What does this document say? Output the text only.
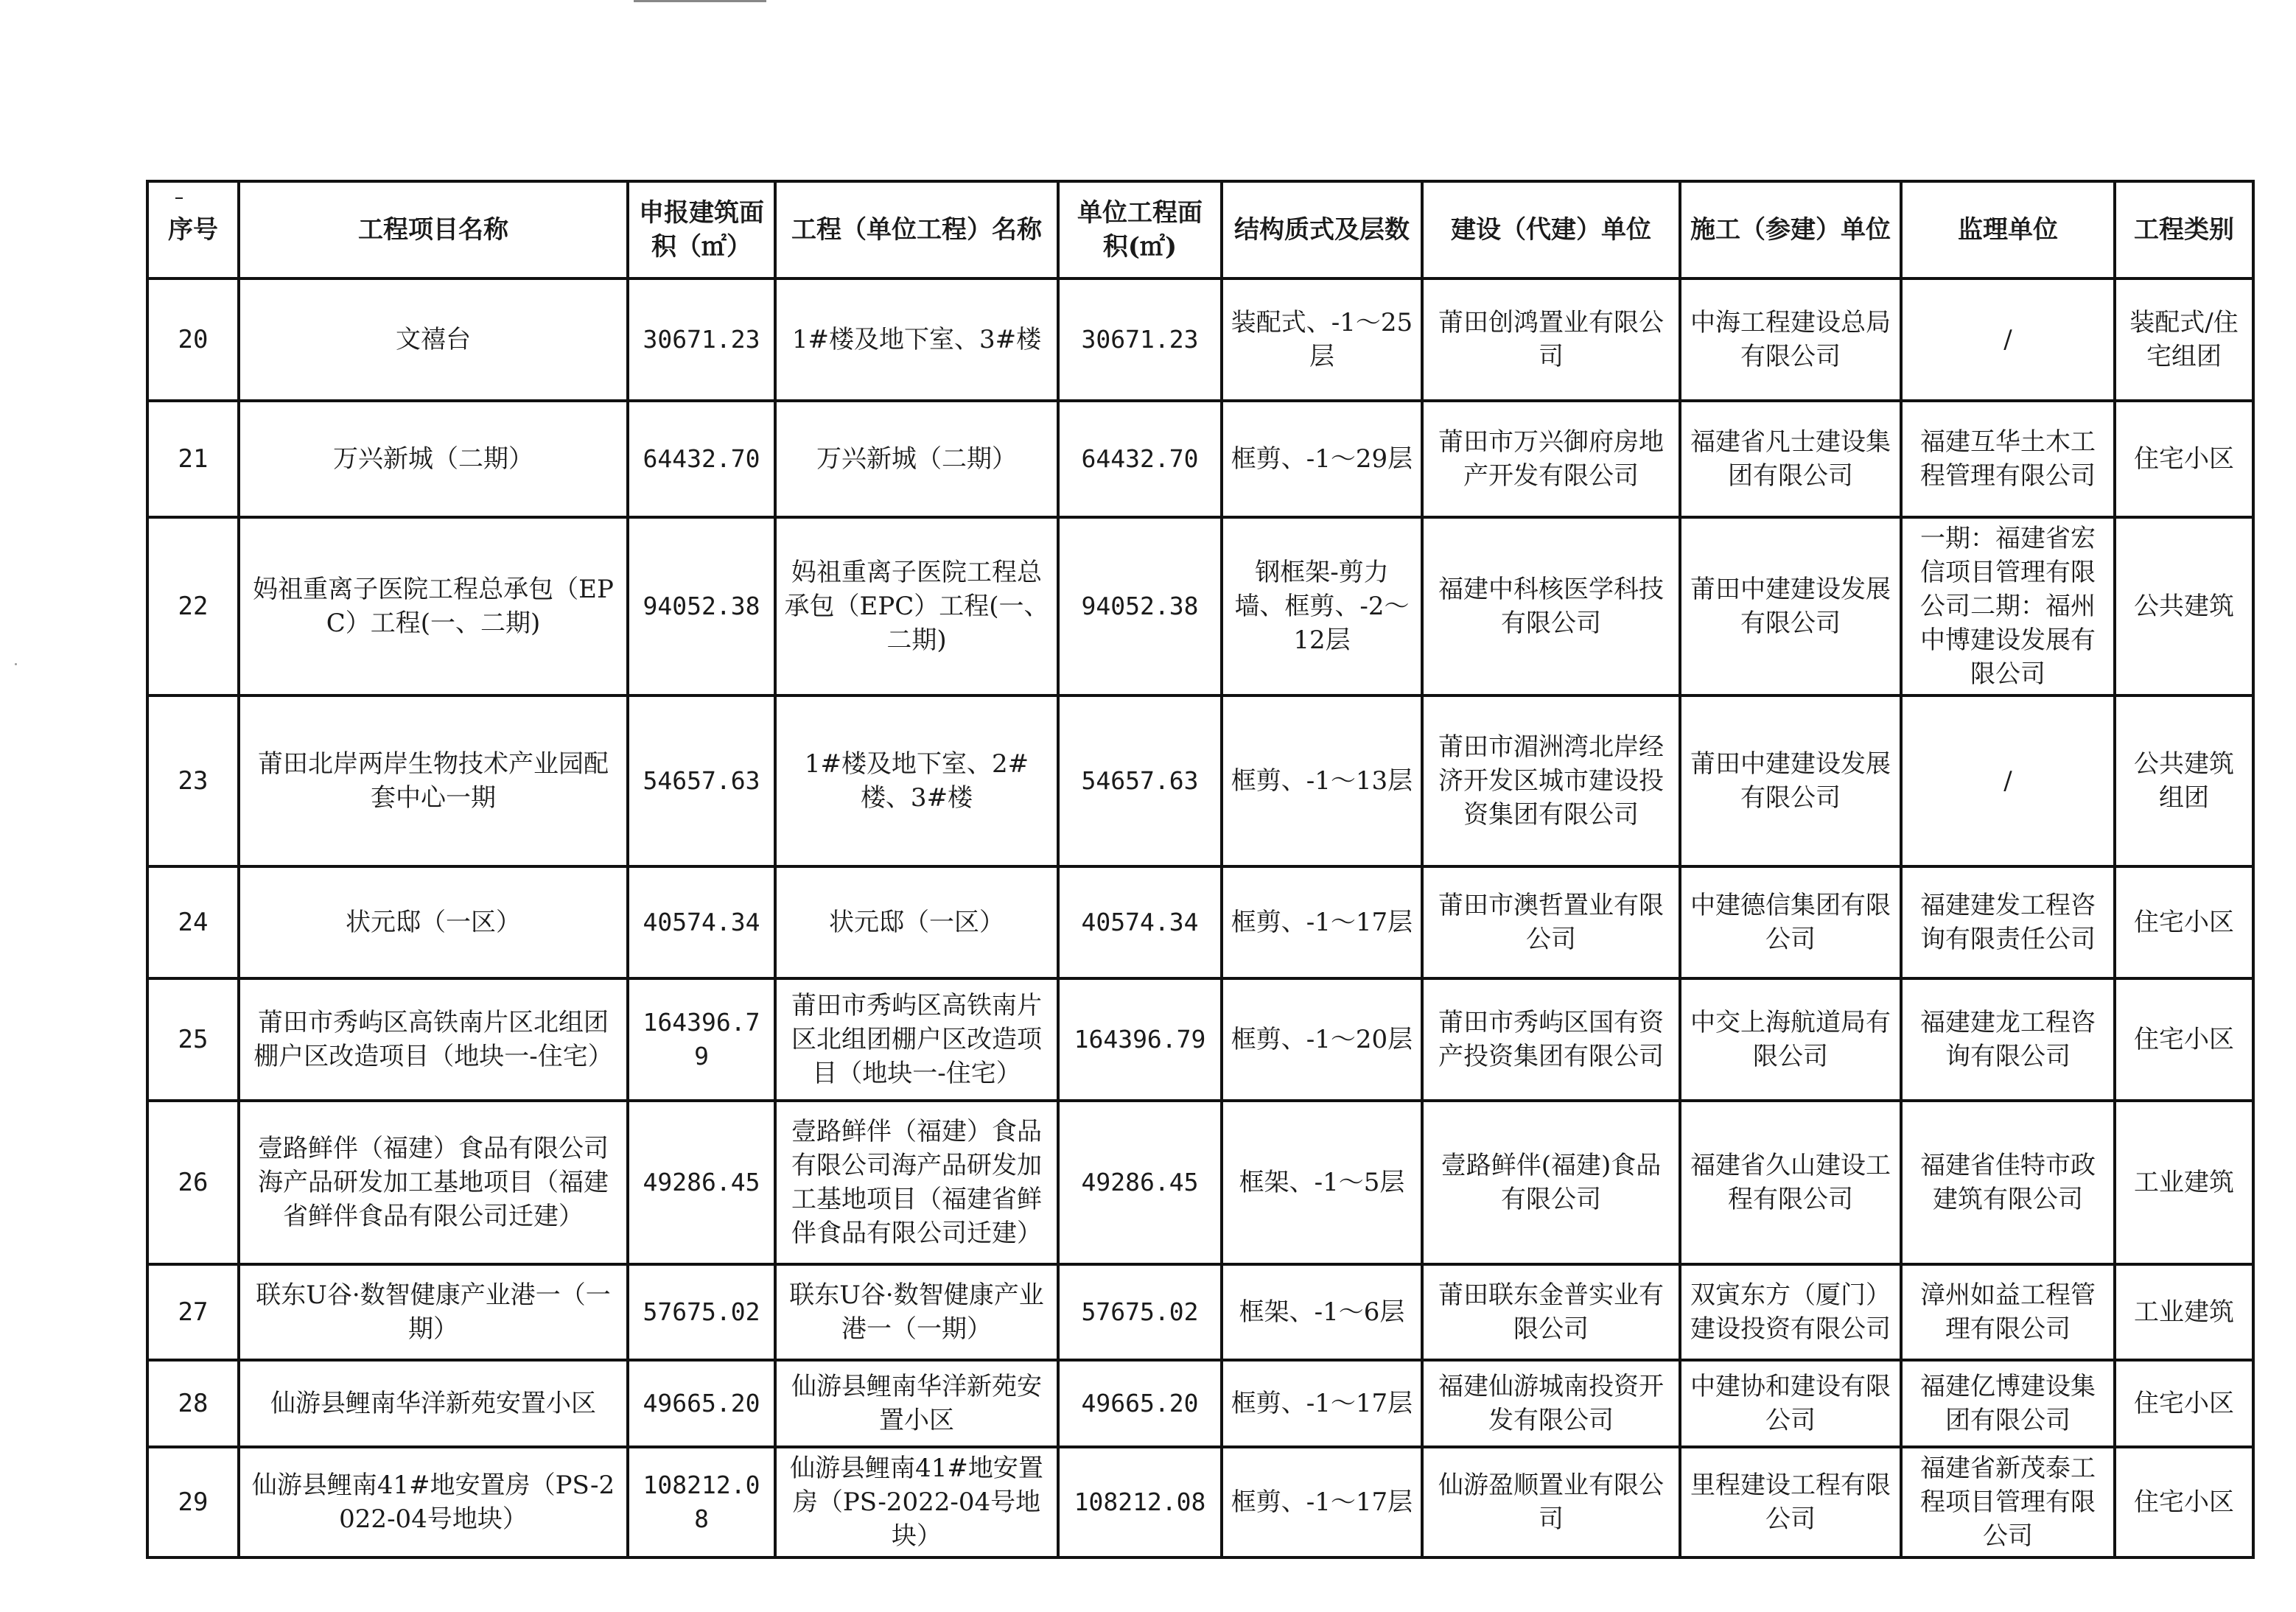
序号	工程项目名称	申报建筑面积（㎡）	工程（单位工程）名称	单位工程面积(㎡)	结构质式及层数	建设（代建）单位	施工（参建）单位	监理单位	工程类别
20	文禧台	30671.23	1#楼及地下室、3#楼	30671.23	装配式、-1～25层	莆田创鸿置业有限公司	中海工程建设总局有限公司	/	装配式/住宅组团
21	万兴新城（二期）	64432.70	万兴新城（二期）	64432.70	框剪、-1～29层	莆田市万兴御府房地产开发有限公司	福建省凡士建设集团有限公司	福建互华土木工程管理有限公司	住宅小区
22	妈祖重离子医院工程总承包（EPC）工程(一、二期)	94052.38	妈祖重离子医院工程总承包（EPC）工程(一、二期)	94052.38	钢框架-剪力墙、框剪、-2～12层	福建中科核医学科技有限公司	莆田中建建设发展有限公司	一期：福建省宏信项目管理有限公司二期：福州中博建设发展有限公司	公共建筑
23	莆田北岸两岸生物技术产业园配套中心一期	54657.63	1#楼及地下室、2#楼、3#楼	54657.63	框剪、-1～13层	莆田市湄洲湾北岸经济开发区城市建设投资集团有限公司	莆田中建建设发展有限公司	/	公共建筑组团
24	状元邸（一区）	40574.34	状元邸（一区）	40574.34	框剪、-1～17层	莆田市澳哲置业有限公司	中建德信集团有限公司	福建建发工程咨询有限责任公司	住宅小区
25	莆田市秀屿区高铁南片区北组团棚户区改造项目（地块一-住宅）	164396.79	莆田市秀屿区高铁南片区北组团棚户区改造项目（地块一-住宅）	164396.79	框剪、-1～20层	莆田市秀屿区国有资产投资集团有限公司	中交上海航道局有限公司	福建建龙工程咨询有限公司	住宅小区
26	壹路鲜伴（福建）食品有限公司海产品研发加工基地项目（福建省鲜伴食品有限公司迁建）	49286.45	壹路鲜伴（福建）食品有限公司海产品研发加工基地项目（福建省鲜伴食品有限公司迁建）	49286.45	框架、-1～5层	壹路鲜伴(福建)食品有限公司	福建省久山建设工程有限公司	福建省佳特市政建筑有限公司	工业建筑
27	联东U谷·数智健康产业港一（一期）	57675.02	联东U谷·数智健康产业港一（一期）	57675.02	框架、-1～6层	莆田联东金普实业有限公司	双寅东方（厦门）建设投资有限公司	漳州如益工程管理有限公司	工业建筑
28	仙游县鲤南华洋新苑安置小区	49665.20	仙游县鲤南华洋新苑安置小区	49665.20	框剪、-1～17层	福建仙游城南投资开发有限公司	中建协和建设有限公司	福建亿博建设集团有限公司	住宅小区
29	仙游县鲤南41#地安置房（PS-2022-04号地块）	108212.08	仙游县鲤南41#地安置房（PS-2022-04号地块）	108212.08	框剪、-1～17层	仙游盈顺置业有限公司	里程建设工程有限公司	福建省新茂泰工程项目管理有限公司	住宅小区
